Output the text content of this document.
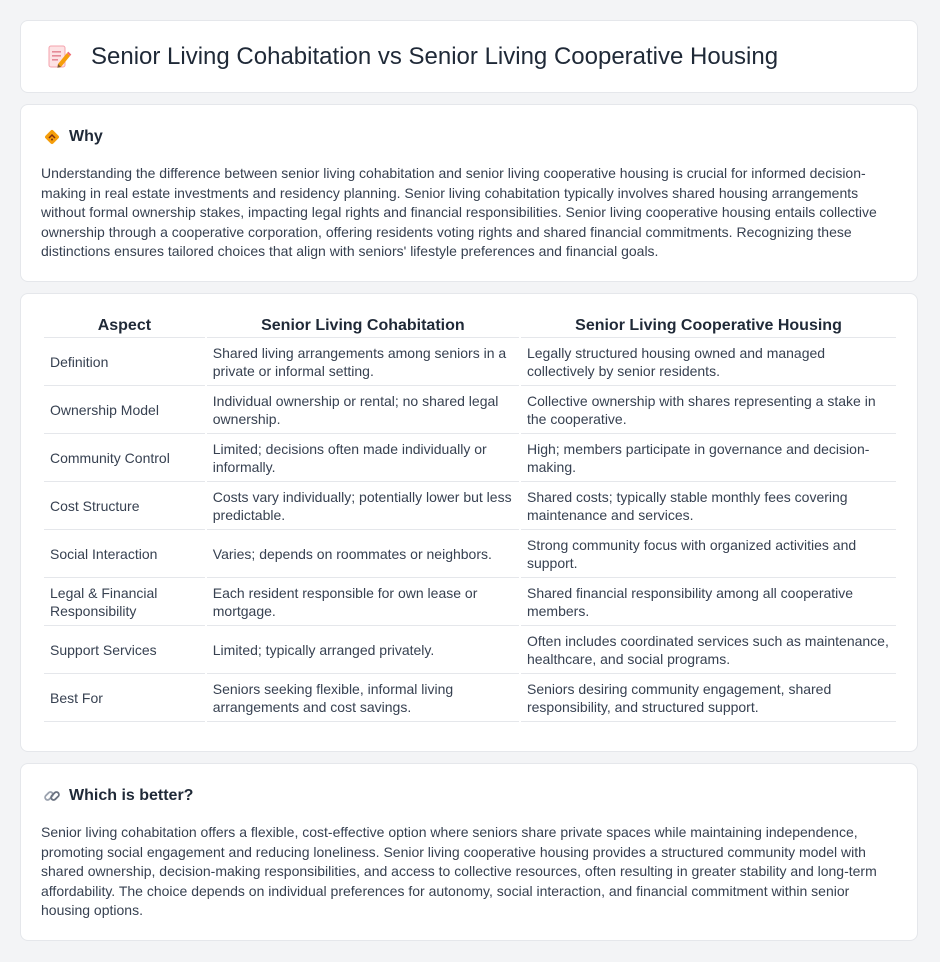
Senior Living Cohabitation vs Senior Living Cooperative Housing
Why

Understanding the difference between senior living cohabitation and senior living cooperative housing is crucial for informed decision-making in real estate investments and residency planning. Senior living cohabitation typically involves shared housing arrangements without formal ownership stakes, impacting legal rights and financial responsibilities. Senior living cooperative housing entails collective ownership through a cooperative corporation, offering residents voting rights and shared financial commitments. Recognizing these distinctions ensures tailored choices that align with seniors' lifestyle preferences and financial goals.

Aspect	Senior Living Cohabitation	Senior Living Cooperative Housing
Definition	Shared living arrangements among seniors in a private or informal setting.	Legally structured housing owned and managed collectively by senior residents.
Ownership Model	Individual ownership or rental; no shared legal ownership.	Collective ownership with shares representing a stake in the cooperative.
Community Control	Limited; decisions often made individually or informally.	High; members participate in governance and decision-making.
Cost Structure	Costs vary individually; potentially lower but less predictable.	Shared costs; typically stable monthly fees covering maintenance and services.
Social Interaction	Varies; depends on roommates or neighbors.	Strong community focus with organized activities and support.
Legal & Financial Responsibility	Each resident responsible for own lease or mortgage.	Shared financial responsibility among all cooperative members.
Support Services	Limited; typically arranged privately.	Often includes coordinated services such as maintenance, healthcare, and social programs.
Best For	Seniors seeking flexible, informal living arrangements and cost savings.	Seniors desiring community engagement, shared responsibility, and structured support.
Which is better?

Senior living cohabitation offers a flexible, cost-effective option where seniors share private spaces while maintaining independence, promoting social engagement and reducing loneliness. Senior living cooperative housing provides a structured community model with shared ownership, decision-making responsibilities, and access to collective resources, often resulting in greater stability and long-term affordability. The choice depends on individual preferences for autonomy, social interaction, and financial commitment within senior housing options.
